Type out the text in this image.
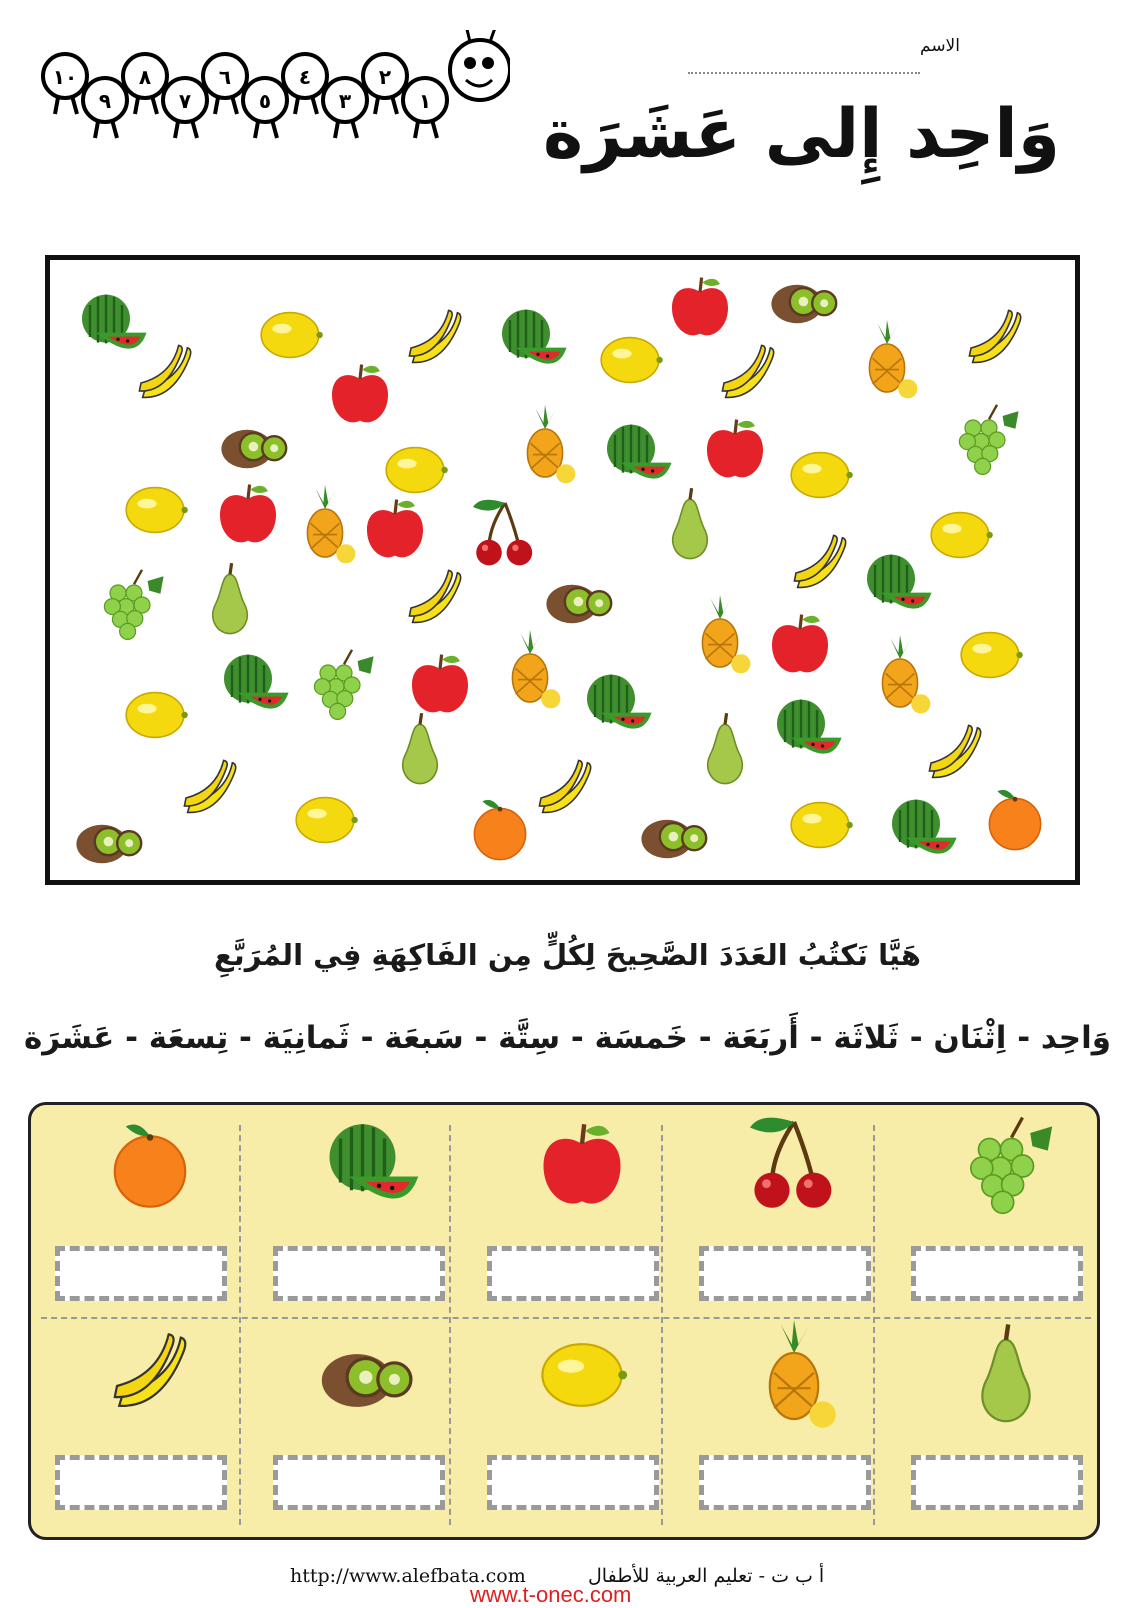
الاسم
وَاحِد إِلى عَشَرَة
١
٢
٣
٤
٥
٦
٧
٨
٩
١٠
هَيَّا نَكتُبُ العَدَدَ الصَّحِيحَ لِكُلٍّ مِن الفَاكِهَةِ فِي المُرَبَّعِ
وَاحِد - اِثْنَان - ثَلاثَة - أَربَعَة - خَمسَة - سِتَّة - سَبعَة - ثَمانِيَة - تِسعَة - عَشَرَة
http://www.alefbata.com	أ ب ت - تعليم العربية للأطفال
www.t-onec.com
